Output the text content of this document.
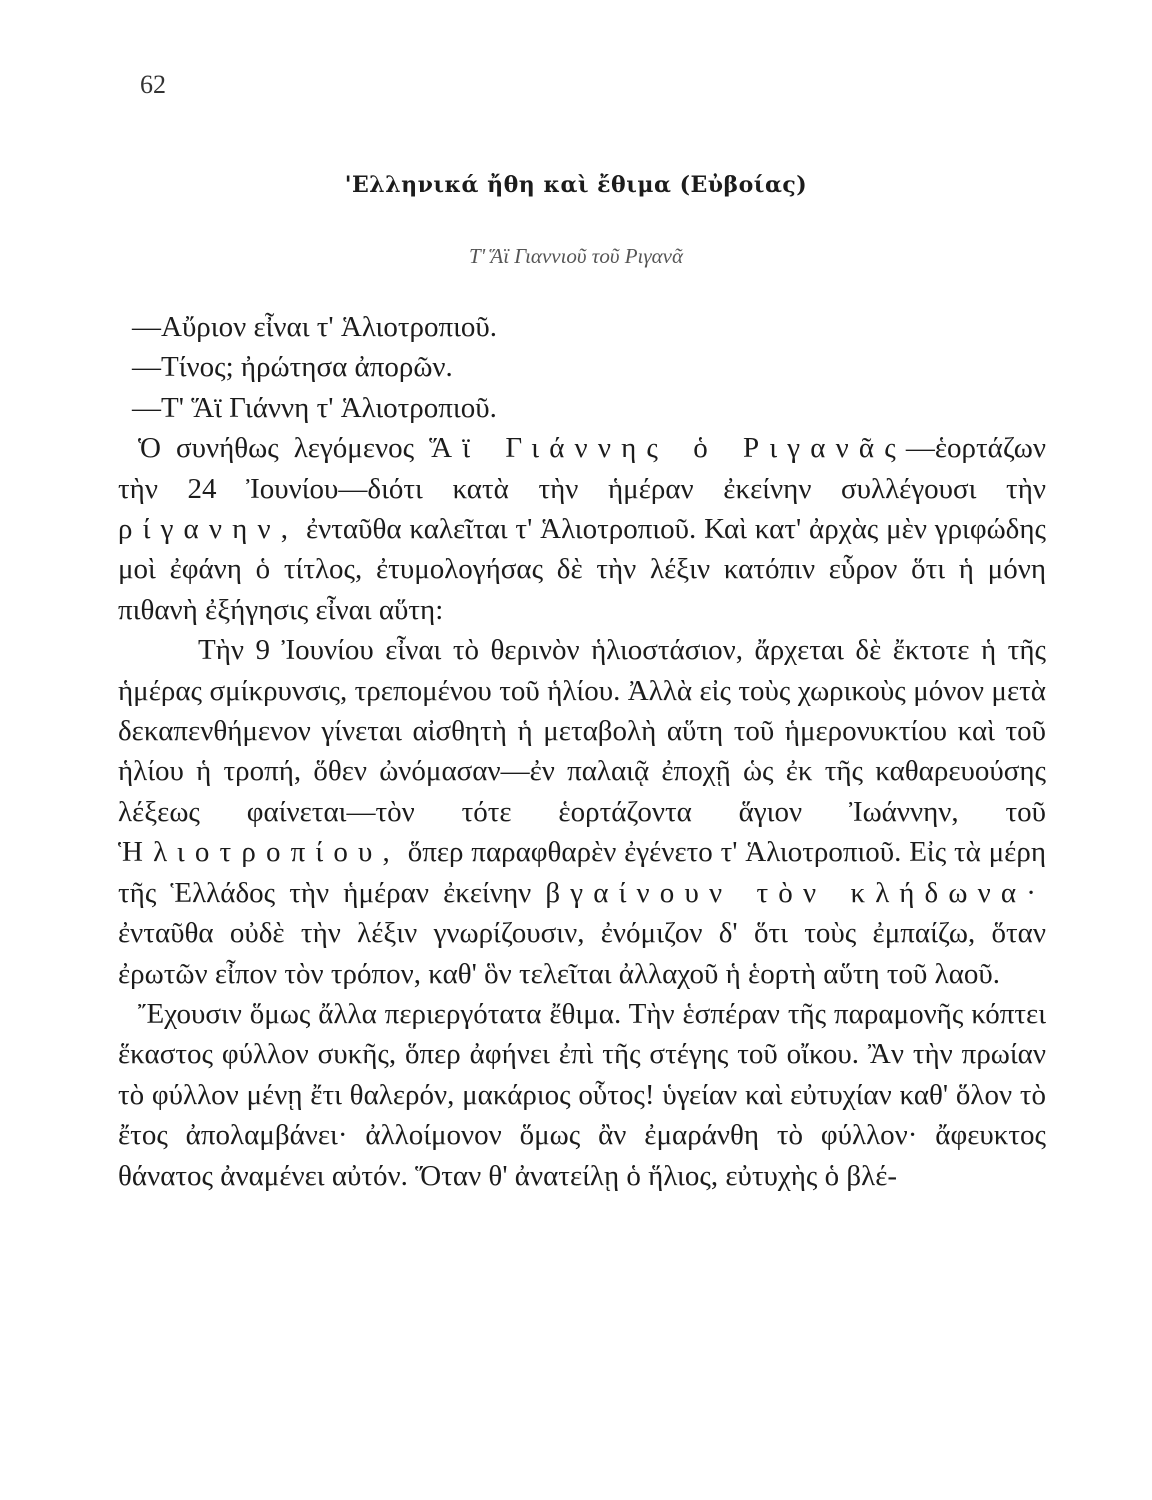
62
'Ελληνικά ἤθη καὶ ἔθιμα (Εὐβοίας)
Τ' Ἅϊ Γιαννιοῦ τοῦ Ριγανᾶ

—Αὔριον εἶναι τ' Ἁλιοτροπιοῦ.

—Τίνος; ἠρώτησα ἀπορῶν.

—Τ' Ἅϊ Γιάννη τ' Ἁλιοτροπιοῦ.

Ὁ συνήθως λεγόμενος Ἅϊ Γιάννης ὁ Ριγανᾶς—ἑορτάζων τὴν 24 Ἰουνίου—διότι κατὰ τὴν ἡμέραν ἐκείνην συλλέγουσι τὴν ρίγανην, ἐνταῦθα καλεῖται τ' Ἁλιοτροπιοῦ. Καὶ κατ' ἀρχὰς μὲν γριφώδης μοὶ ἐφάνη ὁ τίτλος, ἐτυμολογήσας δὲ τὴν λέξιν κατόπιν εὗρον ὅτι ἡ μόνη πιθανὴ ἐξήγησις εἶναι αὕτη:

Τὴν 9 Ἰουνίου εἶναι τὸ θερινὸν ἡλιοστάσιον, ἄρχεται δὲ ἔκτοτε ἡ τῆς ἡμέρας σμίκρυνσις, τρεπομένου τοῦ ἡλίου. Ἀλλὰ εἰς τοὺς χωρικοὺς μόνον μετὰ δεκαπενθήμενον γίνεται αἰσθητὴ ἡ μεταβολὴ αὕτη τοῦ ἡμερονυκτίου καὶ τοῦ ἡλίου ἡ τροπή, ὅθεν ὠνόμασαν—ἐν παλαιᾷ ἐποχῇ ὡς ἐκ τῆς καθαρευούσης λέξεως φαίνεται—τὸν τότε ἑορτάζοντα ἅγιον Ἰωάννην, τοῦ Ἡλιοτροπίου, ὅπερ παραφθαρὲν ἐγένετο τ' Ἁλιοτροπιοῦ. Εἰς τὰ μέρη τῆς Ἑλλάδος τὴν ἡμέραν ἐκείνην βγαίνουν τὸν κλήδωνα· ἐνταῦθα οὐδὲ τὴν λέξιν γνωρίζουσιν, ἐνόμιζον δ' ὅτι τοὺς ἐμπαίζω, ὅταν ἐρωτῶν εἶπον τὸν τρόπον, καθ' ὃν τελεῖται ἀλλαχοῦ ἡ ἑορτὴ αὕτη τοῦ λαοῦ.

Ἔχουσιν ὅμως ἄλλα περιεργότατα ἔθιμα. Τὴν ἑσπέραν τῆς παραμονῆς κόπτει ἕκαστος φύλλον συκῆς, ὅπερ ἀφήνει ἐπὶ τῆς στέγης τοῦ οἴκου. Ἂν τὴν πρωίαν τὸ φύλλον μένῃ ἔτι θαλερόν, μακάριος οὗτος! ὑγείαν καὶ εὐτυχίαν καθ' ὅλον τὸ ἔτος ἀπολαμβάνει· ἀλλοίμονον ὅμως ἂν ἐμαράνθη τὸ φύλλον· ἄφευκτος θάνατος ἀναμένει αὐτόν. Ὅταν θ' ἀνατείλῃ ὁ ἥλιος, εὐτυχὴς ὁ βλέ-
